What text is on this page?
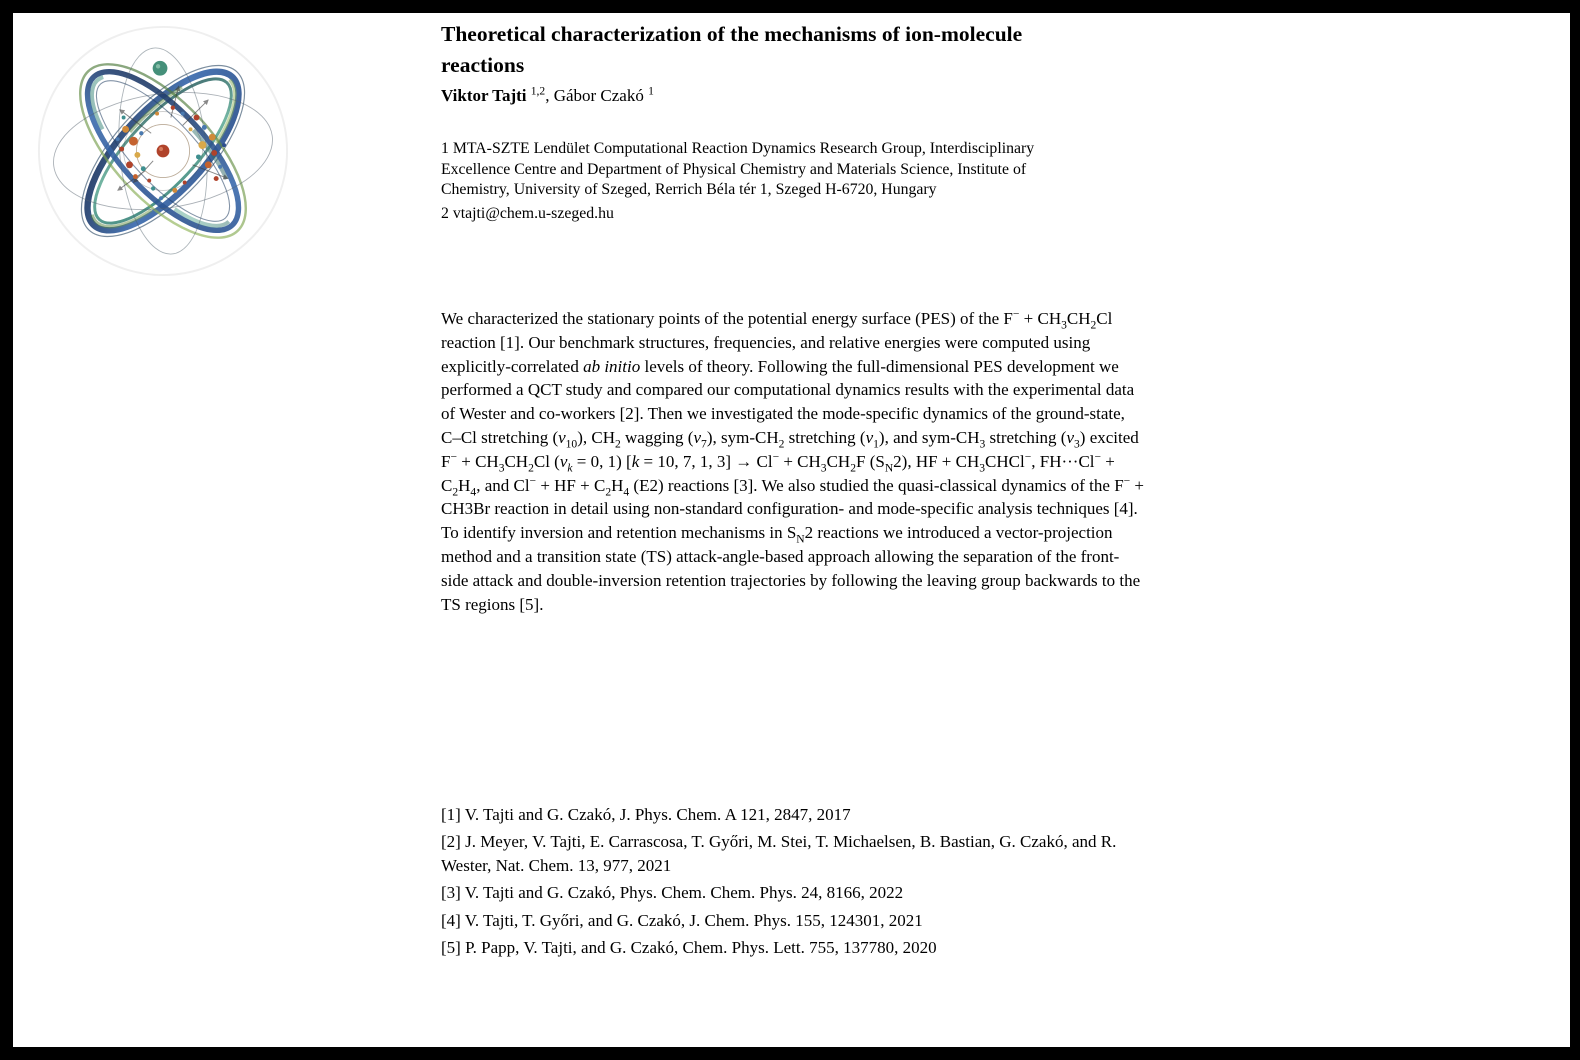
Theoretical characterization of the mechanisms of ion-molecule reactions
Viktor Tajti $^{1,2}$, Gábor Czakó $^1$

1 MTA-SZTE Lendület Computational Reaction Dynamics Research Group, Interdisciplinary Excellence Centre and Department of Physical Chemistry and Materials Science, Institute of Chemistry, University of Szeged, Rerrich Béla tér 1, Szeged H-6720, Hungary

2 vtajti@chem.u-szeged.hu

We characterized the stationary points of the potential energy surface (PES) of the $F^- + CH_3CH_2Cl$ reaction [1]. Our benchmark structures, frequencies, and relative energies were computed using explicitly-correlated ab initio levels of theory. Following the full-dimensional PES development we performed a QCT study and compared our computational dynamics results with the experimental data of Wester and co-workers [2]. Then we investigated the mode-specific dynamics of the ground-state, C–Cl stretching $(v_{10})$, $CH_2$ wagging $(v_7)$, sym-$CH_2$ stretching $(v_1)$, and sym-$CH_3$ stretching $(v_3)$ excited $F^- + CH_3CH_2Cl$ ($v_k = 0$, 1) [k = 10, 7, 1, $3] \to Cl^- + CH_3CH_2F$ $(S_N2)$, HF + $CH_3CHCl^-$, $FH\cdot\cdot\cdot Cl^- + C_2H_4$, and Cl− + HF + $C_2H_4$ (E2) reactions [3]. We also studied the quasi-classical dynamics of the F− + CH3Br reaction in detail using non-standard configuration- and mode-specific analysis techniques [4]. To identify inversion and retention mechanisms in $S_N2$ reactions we introduced a vector-projection method and a transition state (TS) attack-angle-based approach allowing the separation of the front-side attack and double-inversion retention trajectories by following the leaving group backwards to the TS regions [5].

[1] V. Tajti and G. Czakó, J. Phys. Chem. A 121, 2847, 2017

[2] J. Meyer, V. Tajti, E. Carrascosa, T. Győri, M. Stei, T. Michaelsen, B. Bastian, G. Czakó, and R. Wester, Nat. Chem. 13, 977, 2021

[3] V. Tajti and G. Czakó, Phys. Chem. Chem. Phys. 24, 8166, 2022

[4] V. Tajti, T. Győri, and G. Czakó, J. Chem. Phys. 155, 124301, 2021

[5] P. Papp, V. Tajti, and G. Czakó, Chem. Phys. Lett. 755, 137780, 2020
